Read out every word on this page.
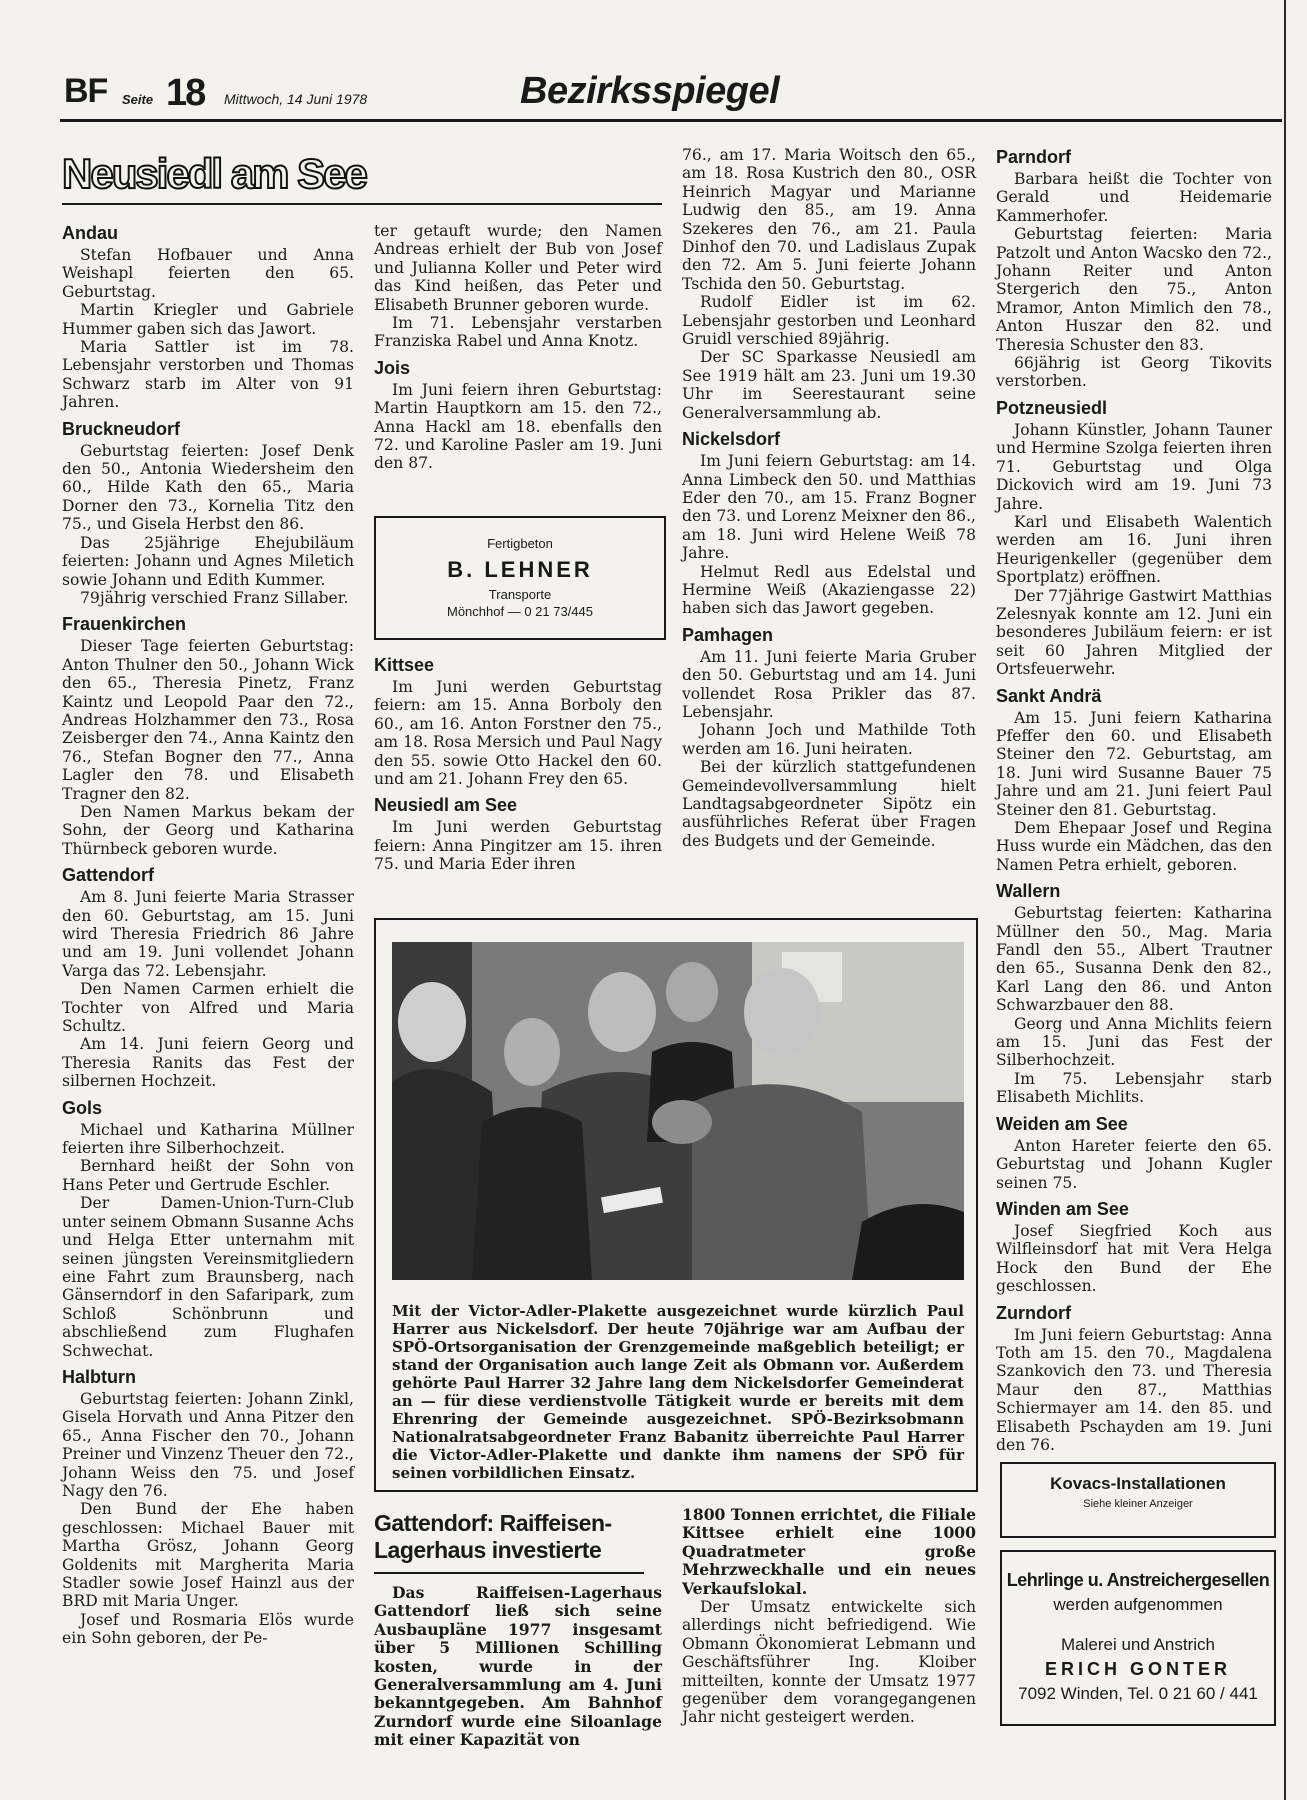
BF Seite 18 Mittwoch, 14 Juni 1978	Bezirksspiegel
Neusiedl am See
Andau

Stefan Hofbauer und Anna Weishapl feierten den 65. Geburtstag.

Martin Kriegler und Gabriele Hummer gaben sich das Jawort.

Maria Sattler ist im 78. Lebensjahr verstorben und Thomas Schwarz starb im Alter von 91 Jahren.

Bruckneudorf

Geburtstag feierten: Josef Denk den 50., Antonia Wiedersheim den 60., Hilde Kath den 65., Maria Dorner den 73., Kornelia Titz den 75., und Gisela Herbst den 86.

Das 25jährige Ehejubiläum feierten: Johann und Agnes Miletich sowie Johann und Edith Kummer.

79jährig verschied Franz Sillaber.

Frauenkirchen

Dieser Tage feierten Geburtstag: Anton Thulner den 50., Johann Wick den 65., Theresia Pinetz, Franz Kaintz und Leopold Paar den 72., Andreas Holzhammer den 73., Rosa Zeisberger den 74., Anna Kaintz den 76., Stefan Bogner den 77., Anna Lagler den 78. und Elisabeth Tragner den 82.

Den Namen Markus bekam der Sohn, der Georg und Katharina Thürnbeck geboren wurde.

Gattendorf

Am 8. Juni feierte Maria Strasser den 60. Geburtstag, am 15. Juni wird Theresia Friedrich 86 Jahre und am 19. Juni vollendet Johann Varga das 72. Lebensjahr.

Den Namen Carmen erhielt die Tochter von Alfred und Maria Schultz.

Am 14. Juni feiern Georg und Theresia Ranits das Fest der silbernen Hochzeit.

Gols

Michael und Katharina Müllner feierten ihre Silberhochzeit.

Bernhard heißt der Sohn von Hans Peter und Gertrude Eschler.

Der Damen-Union-Turn-Club unter seinem Obmann Susanne Achs und Helga Etter unternahm mit seinen jüngsten Vereinsmitgliedern eine Fahrt zum Braunsberg, nach Gänserndorf in den Safaripark, zum Schloß Schönbrunn und abschließend zum Flughafen Schwechat.

Halbturn

Geburtstag feierten: Johann Zinkl, Gisela Horvath und Anna Pitzer den 65., Anna Fischer den 70., Johann Preiner und Vinzenz Theuer den 72., Johann Weiss den 75. und Josef Nagy den 76.

Den Bund der Ehe haben geschlossen: Michael Bauer mit Martha Grösz, Johann Georg Goldenits mit Margherita Maria Stadler sowie Josef Hainzl aus der BRD mit Maria Unger.

Josef und Rosmaria Elös wurde ein Sohn geboren, der Pe-

ter getauft wurde; den Namen Andreas erhielt der Bub von Josef und Julianna Koller und Peter wird das Kind heißen, das Peter und Elisabeth Brunner geboren wurde.

Im 71. Lebensjahr verstarben Franziska Rabel und Anna Knotz.

Jois

Im Juni feiern ihren Geburtstag: Martin Hauptkorn am 15. den 72., Anna Hackl am 18. ebenfalls den 72. und Karoline Pasler am 19. Juni den 87.

Fertigbeton
B. LEHNER
Transporte
Mönchhof — 0 21 73/445
Kittsee

Im Juni werden Geburtstag feiern: am 15. Anna Borboly den 60., am 16. Anton Forstner den 75., am 18. Rosa Mersich und Paul Nagy den 55. sowie Otto Hackel den 60. und am 21. Johann Frey den 65.

Neusiedl am See

Im Juni werden Geburtstag feiern: Anna Pingitzer am 15. ihren 75. und Maria Eder ihren

76., am 17. Maria Woitsch den 65., am 18. Rosa Kustrich den 80., OSR Heinrich Magyar und Marianne Ludwig den 85., am 19. Anna Szekeres den 76., am 21. Paula Dinhof den 70. und Ladislaus Zupak den 72. Am 5. Juni feierte Johann Tschida den 50. Geburtstag.

Rudolf Eidler ist im 62. Lebensjahr gestorben und Leonhard Gruidl verschied 89jährig.

Der SC Sparkasse Neusiedl am See 1919 hält am 23. Juni um 19.30 Uhr im Seerestaurant seine Generalversammlung ab.

Nickelsdorf

Im Juni feiern Geburtstag: am 14. Anna Limbeck den 50. und Matthias Eder den 70., am 15. Franz Bogner den 73. und Lorenz Meixner den 86., am 18. Juni wird Helene Weiß 78 Jahre.

Helmut Redl aus Edelstal und Hermine Weiß (Akaziengasse 22) haben sich das Jawort gegeben.

Pamhagen

Am 11. Juni feierte Maria Gruber den 50. Geburtstag und am 14. Juni vollendet Rosa Prikler das 87. Lebensjahr.

Johann Joch und Mathilde Toth werden am 16. Juni heiraten.

Bei der kürzlich stattgefundenen Gemeindevollversammlung hielt Landtagsabgeordneter Sipötz ein ausführliches Referat über Fragen des Budgets und der Gemeinde.

Parndorf

Barbara heißt die Tochter von Gerald und Heidemarie Kammerhofer.

Geburtstag feierten: Maria Patzolt und Anton Wacsko den 72., Johann Reiter und Anton Stergerich den 75., Anton Mramor, Anton Mimlich den 78., Anton Huszar den 82. und Theresia Schuster den 83.

66jährig ist Georg Tikovits verstorben.

Potzneusiedl

Johann Künstler, Johann Tauner und Hermine Szolga feierten ihren 71. Geburtstag und Olga Dickovich wird am 19. Juni 73 Jahre.

Karl und Elisabeth Walentich werden am 16. Juni ihren Heurigenkeller (gegenüber dem Sportplatz) eröffnen.

Der 77jährige Gastwirt Matthias Zelesnyak konnte am 12. Juni ein besonderes Jubiläum feiern: er ist seit 60 Jahren Mitglied der Ortsfeuerwehr.

Sankt Andrä

Am 15. Juni feiern Katharina Pfeffer den 60. und Elisabeth Steiner den 72. Geburtstag, am 18. Juni wird Susanne Bauer 75 Jahre und am 21. Juni feiert Paul Steiner den 81. Geburtstag.

Dem Ehepaar Josef und Regina Huss wurde ein Mädchen, das den Namen Petra erhielt, geboren.

Wallern

Geburtstag feierten: Katharina Müllner den 50., Mag. Maria Fandl den 55., Albert Trautner den 65., Susanna Denk den 82., Karl Lang den 86. und Anton Schwarzbauer den 88.

Georg und Anna Michlits feiern am 15. Juni das Fest der Silberhochzeit.

Im 75. Lebensjahr starb Elisabeth Michlits.

Weiden am See

Anton Hareter feierte den 65. Geburtstag und Johann Kugler seinen 75.

Winden am See

Josef Siegfried Koch aus Wilfleinsdorf hat mit Vera Helga Hock den Bund der Ehe geschlossen.

Zurndorf

Im Juni feiern Geburtstag: Anna Toth am 15. den 70., Magdalena Szankovich den 73. und Theresia Maur den 87., Matthias Schiermayer am 14. den 85. und Elisabeth Pschayden am 19. Juni den 76.

Mit der Victor-Adler-Plakette ausgezeichnet wurde kürzlich Paul Harrer aus Nickelsdorf. Der heute 70jährige war am Aufbau der SPÖ-Ortsorganisation der Grenzgemeinde maßgeblich beteiligt; er stand der Organisation auch lange Zeit als Obmann vor. Außerdem gehörte Paul Harrer 32 Jahre lang dem Nickelsdorfer Gemeinderat an — für diese verdienstvolle Tätigkeit wurde er bereits mit dem Ehrenring der Gemeinde ausgezeichnet. SPÖ-Bezirksobmann Nationalratsabgeordneter Franz Babanitz überreichte Paul Harrer die Victor-Adler-Plakette und dankte ihm namens der SPÖ für seinen vorbildlichen Einsatz.
Gattendorf: Raiffeisen-Lagerhaus investierte

Das Raiffeisen-Lagerhaus Gattendorf ließ sich seine Ausbaupläne 1977 insgesamt über 5 Millionen Schilling kosten, wurde in der Generalversammlung am 4. Juni bekanntgegeben. Am Bahnhof Zurndorf wurde eine Siloanlage mit einer Kapazität von

1800 Tonnen errichtet, die Filiale Kittsee erhielt eine 1000 Quadratmeter große Mehrzweckhalle und ein neues Verkaufslokal.

Der Umsatz entwickelte sich allerdings nicht befriedigend. Wie Obmann Ökonomierat Lebmann und Geschäftsführer Ing. Kloiber mitteilten, konnte der Umsatz 1977 gegenüber dem vorangegangenen Jahr nicht gesteigert werden.

Kovacs-Installationen
Siehe kleiner Anzeiger
Lehrlinge u. Anstreichergesellen
werden aufgenommen
Malerei und Anstrich
ERICH GONTER
7092 Winden, Tel. 0 21 60 / 441
